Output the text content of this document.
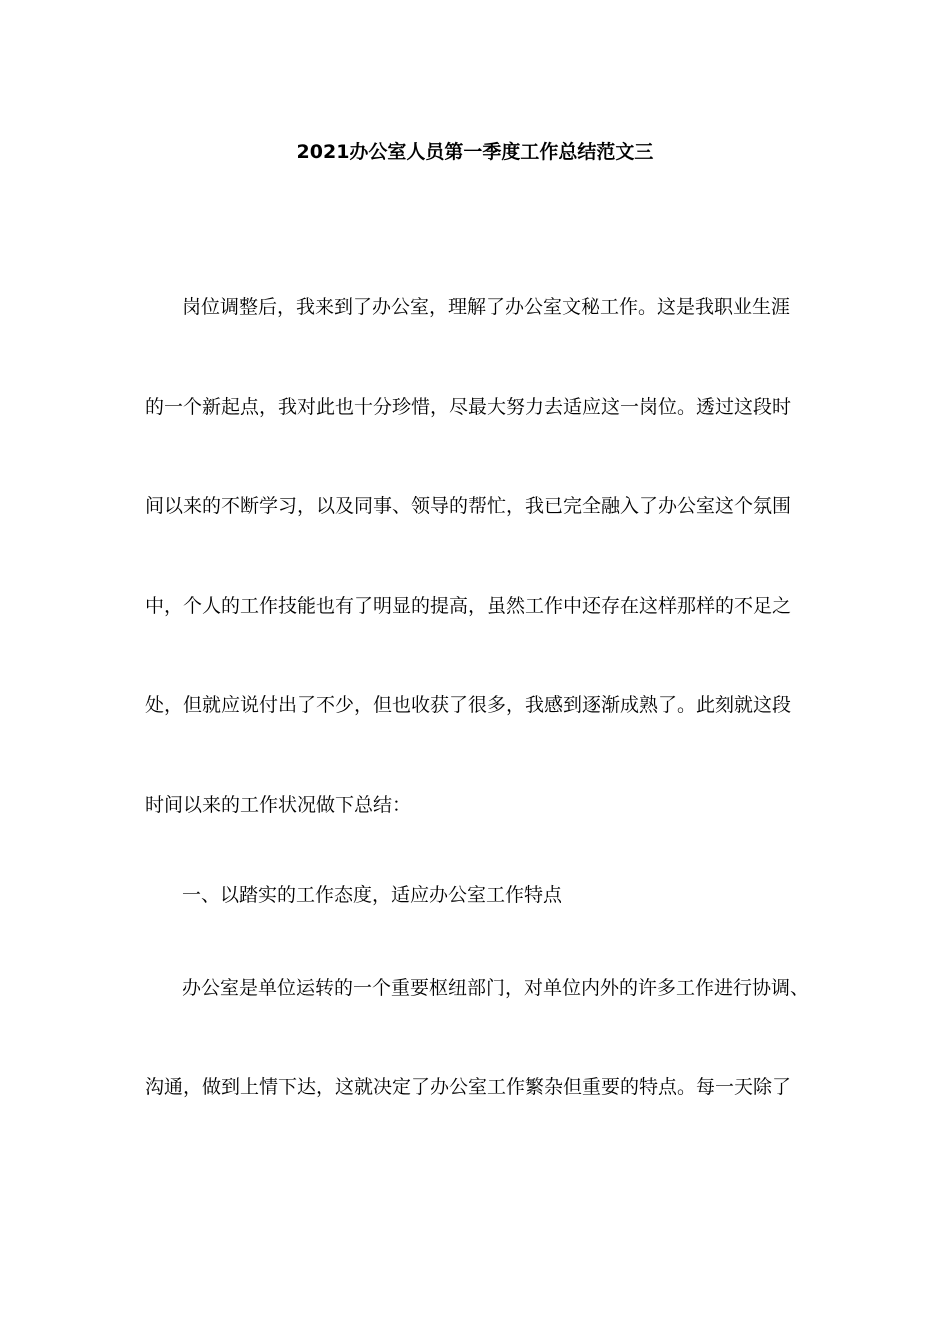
2021办公室人员第一季度工作总结范文三
岗位调整后，我来到了办公室，理解了办公室文秘工作。这是我职业生涯
的一个新起点，我对此也十分珍惜，尽最大努力去适应这一岗位。透过这段时
间以来的不断学习，以及同事、领导的帮忙，我已完全融入了办公室这个氛围
中，个人的工作技能也有了明显的提高，虽然工作中还存在这样那样的不足之
处，但就应说付出了不少，但也收获了很多，我感到逐渐成熟了。此刻就这段
时间以来的工作状况做下总结：
一、以踏实的工作态度，适应办公室工作特点
办公室是单位运转的一个重要枢纽部门，对单位内外的许多工作进行协调、
沟通，做到上情下达，这就决定了办公室工作繁杂但重要的特点。每一天除了
